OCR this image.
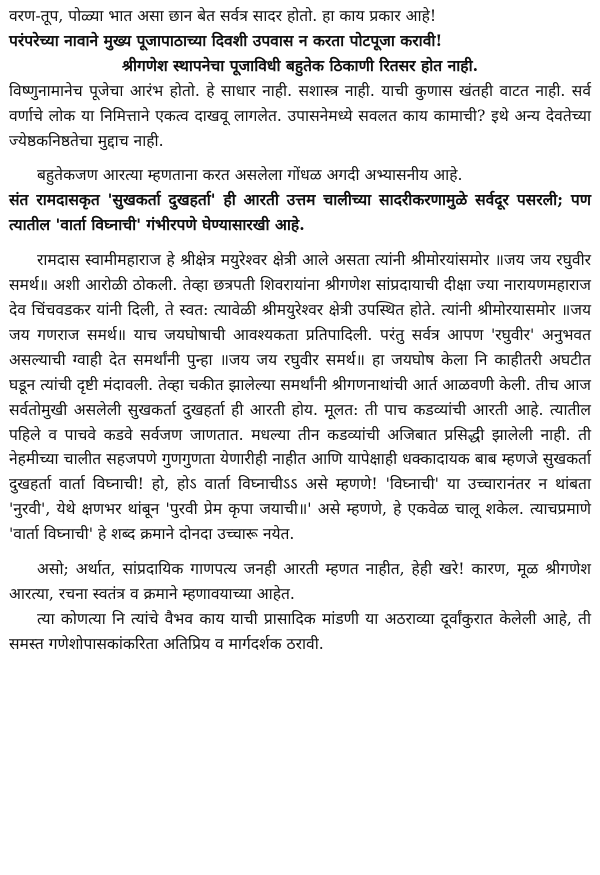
वरण-तूप, पोळ्या भात असा छान बेत सर्वत्र सादर होतो. हा काय प्रकार आहे!

परंपरेच्या नावाने मुख्य पूजापाठाच्या दिवशी उपवास न करता पोटपूजा करावी!

श्रीगणेश स्थापनेचा पूजाविधी बहुतेक ठिकाणी रितसर होत नाही.

विष्णुनामानेच पूजेचा आरंभ होतो. हे साधार नाही. सशास्त्र नाही. याची कुणास खंतही वाटत नाही. सर्व वर्णाचे लोक या निमित्ताने एकत्व दाखवू लागलेत. उपासनेमध्ये सवलत काय कामाची? इथे अन्य देवतेच्या ज्येष्ठकनिष्ठतेचा मुद्दाच नाही.

बहुतेकजण आरत्या म्हणताना करत असलेला गोंधळ अगदी अभ्यासनीय आहे.

संत रामदासकृत 'सुखकर्ता दुखहर्ता' ही आरती उत्तम चालीच्या सादरीकरणामुळे सर्वदूर पसरली; पण त्यातील 'वार्ता विघ्नाची' गंभीरपणे घेण्यासारखी आहे.

रामदास स्वामीमहाराज हे श्रीक्षेत्र मयुरेश्वर क्षेत्री आले असता त्यांनी श्रीमोरयांसमोर ॥जय जय रघुवीर समर्थ॥ अशी आरोळी ठोकली. तेव्हा छत्रपती शिवरायांना श्रीगणेश सांप्रदायाची दीक्षा ज्या नारायणमहाराज देव चिंचवडकर यांनी दिली, ते स्वत: त्यावेळी श्रीमयुरेश्वर क्षेत्री उपस्थित होते. त्यांनी श्रीमोरयासमोर ॥जय जय गणराज समर्थ॥ याच जयघोषाची आवश्यकता प्रतिपादिली. परंतु सर्वत्र आपण 'रघुवीर' अनुभवत असल्याची ग्वाही देत समर्थांनी पुन्हा ॥जय जय रघुवीर समर्थ॥ हा जयघोष केला नि काहीतरी अघटीत घडून त्यांची दृष्टी मंदावली. तेव्हा चकीत झालेल्या समर्थांनी श्रीगणनाथांची आर्त आळवणी केली. तीच आज सर्वतोमुखी असलेली सुखकर्ता दुखहर्ता ही आरती होय. मूलत: ती पाच कडव्यांची आरती आहे. त्यातील पहिले व पाचवे कडवे सर्वजण जाणतात. मधल्या तीन कडव्यांची अजिबात प्रसिद्धी झालेली नाही. ती नेहमीच्या चालीत सहजपणे गुणगुणता येणारीही नाहीत आणि यापेक्षाही धक्कादायक बाब म्हणजे सुखकर्ता दुखहर्ता वार्ता विघ्नाची! हो, होऽ वार्ता विघ्नाचीऽऽ असे म्हणणे! 'विघ्नाची' या उच्चारानंतर न थांबता 'नुरवी', येथे क्षणभर थांबून 'पुरवी प्रेम कृपा जयाची॥' असे म्हणणे, हे एकवेळ चालू शकेल. त्याचप्रमाणे 'वार्ता विघ्नाची' हे शब्द क्रमाने दोनदा उच्चारू नयेत.

असो; अर्थात, सांप्रदायिक गाणपत्य जनही आरती म्हणत नाहीत, हेही खरे! कारण, मूळ श्रीगणेश आरत्या, रचना स्वतंत्र व क्रमाने म्हणावयाच्या आहेत.

त्या कोणत्या नि त्यांचे वैभव काय याची प्रासादिक मांडणी या अठराव्या दूर्वांकुरात केलेली आहे, ती समस्त गणेशोपासकांकरिता अतिप्रिय व मार्गदर्शक ठरावी.
